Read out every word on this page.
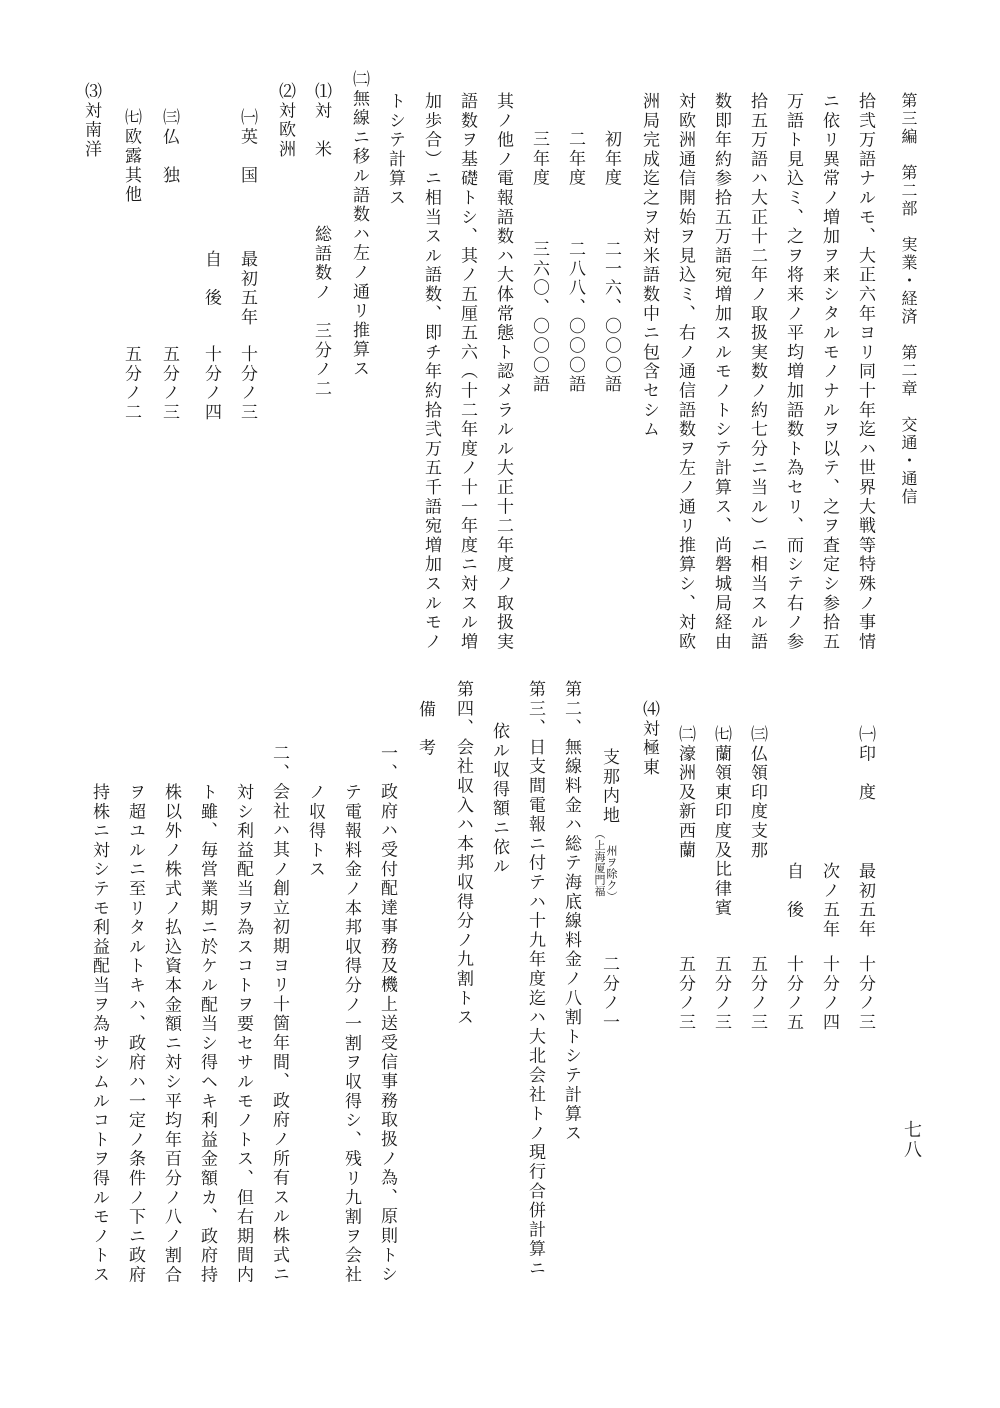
第三編　第二部　実業・経済　第二章　交通・通信
七八
拾弐万語ナルモ、大正六年ヨリ同十年迄ハ世界大戦等特殊ノ事情
ニ依リ異常ノ増加ヲ来シタルモノナルヲ以テ、之ヲ査定シ参拾五
万語ト見込ミ、之ヲ将来ノ平均増加語数ト為セリ、而シテ右ノ参
拾五万語ハ大正十二年ノ取扱実数ノ約七分ニ当ル）ニ相当スル語
数即年約参拾五万語宛増加スルモノトシテ計算ス、尚磐城局経由
対欧洲通信開始ヲ見込ミ、右ノ通信語数ヲ左ノ通リ推算シ、対欧
洲局完成迄之ヲ対米語数中ニ包含セシム
初年度
二一六、〇〇〇語
二年度
二八八、〇〇〇語
三年度
三六〇、〇〇〇語
其ノ他ノ電報語数ハ大体常態ト認メラルル大正十二年度ノ取扱実
語数ヲ基礎トシ、其ノ五厘五六（十二年度ノ十一年度ニ対スル増
加歩合）ニ相当スル語数、即チ年約拾弐万五千語宛増加スルモノ
トシテ計算ス
㈡無線ニ移ル語数ハ左ノ通リ推算ス
⑴対　米
総語数ノ　三分ノ二
⑵対欧洲
㈠英　国
最初五年
十分ノ三
自　後
十分ノ四
㈢仏　独
五分ノ三
㈦欧露其他
五分ノ二
⑶対南洋
㈠印　度
最初五年
十分ノ三
次ノ五年
十分ノ四
自　後
十分ノ五
㈢仏領印度支那
五分ノ三
㈦蘭領東印度及比律賓
五分ノ三
㈡濠洲及新西蘭
五分ノ三
⑷対極東
支那内地
（上海厦門福 州ヲ除ク）
二分ノ一
第二、無線料金ハ総テ海底線料金ノ八割トシテ計算ス
第三、日支間電報ニ付テハ十九年度迄ハ大北会社トノ現行合併計算ニ
依ル収得額ニ依ル
第四、会社収入ハ本邦収得分ノ九割トス
備　考
一、政府ハ受付配達事務及機上送受信事務取扱ノ為、原則トシ
テ電報料金ノ本邦収得分ノ一割ヲ収得シ、残リ九割ヲ会社
ノ収得トス
二、会社ハ其ノ創立初期ヨリ十箇年間、政府ノ所有スル株式ニ
対シ利益配当ヲ為スコトヲ要セサルモノトス、但右期間内
ト雖、毎営業期ニ於ケル配当シ得ヘキ利益金額カ、政府持
株以外ノ株式ノ払込資本金額ニ対シ平均年百分ノ八ノ割合
ヲ超ユルニ至リタルトキハ、政府ハ一定ノ条件ノ下ニ政府
持株ニ対シテモ利益配当ヲ為サシムルコトヲ得ルモノトス
